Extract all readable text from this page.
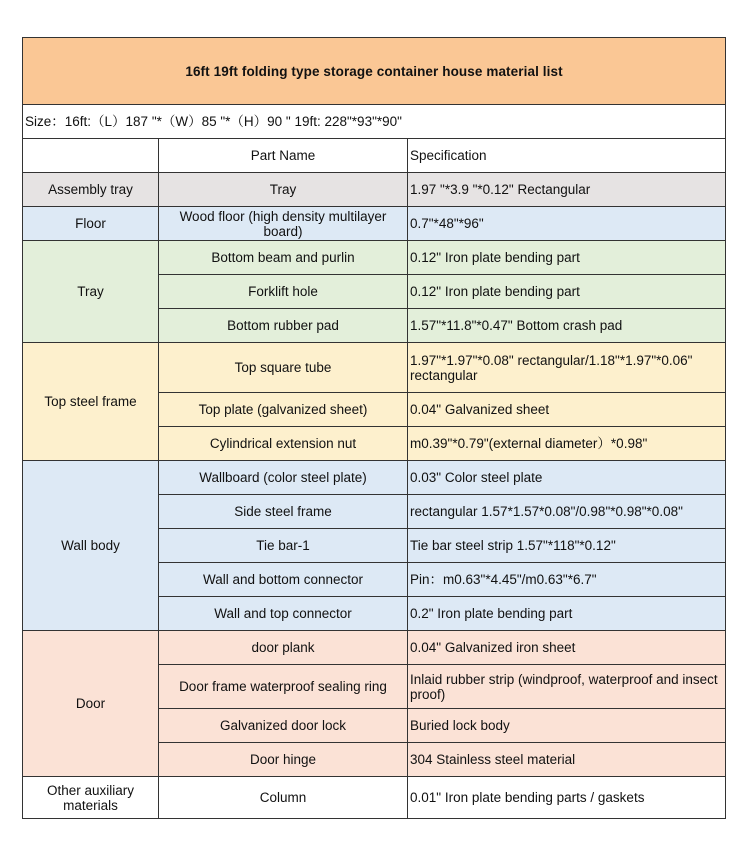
16ft 19ft folding type storage container house material list		
Size：16ft:（L）187 "*（W）85 "*（H）90 " 19ft: 228"*93"*90"		
	Part Name	Specification
Assembly tray	Tray	1.97 "*3.9 "*0.12" Rectangular
Floor	Wood floor (high density multilayer board)	0.7"*48"*96"
Tray	Bottom beam and purlin	0.12" Iron plate bending part
	Forklift hole	0.12" Iron plate bending part
	Bottom rubber pad	1.57"*11.8"*0.47" Bottom crash pad
Top steel frame	Top square tube	1.97"*1.97"*0.08" rectangular/1.18"*1.97"*0.06" rectangular
	Top plate (galvanized sheet)	0.04" Galvanized sheet
	Cylindrical extension nut	m0.39"*0.79"(external diameter）*0.98"
Wall body	Wallboard (color steel plate)	0.03" Color steel plate
	Side steel frame	rectangular 1.57*1.57*0.08"/0.98"*0.98"*0.08"
	Tie bar-1	Tie bar steel strip 1.57"*118"*0.12"
	Wall and bottom connector	Pin：m0.63"*4.45"/m0.63"*6.7"
	Wall and top connector	0.2" Iron plate bending part
Door	door plank	0.04" Galvanized iron sheet
	Door frame waterproof sealing ring	Inlaid rubber strip (windproof, waterproof and insect proof)
	Galvanized door lock	Buried lock body
	Door hinge	304 Stainless steel material
Other auxiliary materials	Column	0.01" Iron plate bending parts / gaskets
